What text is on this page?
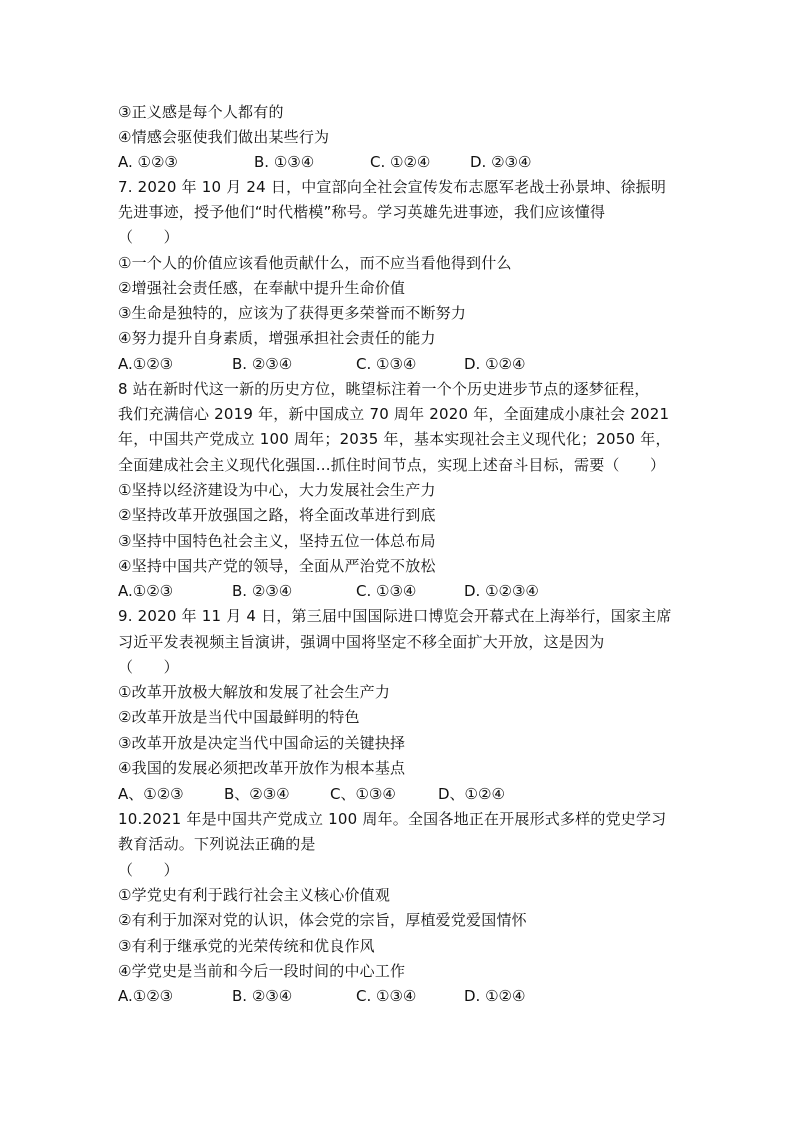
③正义感是每个人都有的
④情感会驱使我们做出某些行为
A. ①②③	B. ①③④	C. ①②④	D. ②③④
7. 2020 年 10 月 24 日，中宣部向全社会宣传发布志愿军老战士孙景坤、徐振明
先进事迹，授予他们“时代楷模”称号。学习英雄先进事迹，我们应该懂得
（　　）
①一个人的价值应该看他贡献什么，而不应当看他得到什么
②增强社会责任感，在奉献中提升生命价值
③生命是独特的，应该为了获得更多荣誉而不断努力
④努力提升自身素质，增强承担社会责任的能力
A.①②③	B. ②③④	C. ①③④	D. ①②④
8 站在新时代这一新的历史方位，眺望标注着一个个历史进步节点的逐梦征程，
我们充满信心 2019 年，新中国成立 70 周年 2020 年，全面建成小康社会 2021
年，中国共产党成立 100 周年；2035 年，基本实现社会主义现代化；2050 年，
全面建成社会主义现代化强国…抓住时间节点，实现上述奋斗目标，需要（　　）
①坚持以经济建设为中心，大力发展社会生产力
②坚持改革开放强国之路，将全面改革进行到底
③坚持中国特色社会主义，坚持五位一体总布局
④坚持中国共产党的领导，全面从严治党不放松
A.①②③	B. ②③④	C. ①③④	D. ①②③④
9. 2020 年 11 月 4 日，第三届中国国际进口博览会开幕式在上海举行，国家主席
习近平发表视频主旨演讲，强调中国将坚定不移全面扩大开放，这是因为
（　　）
①改革开放极大解放和发展了社会生产力
②改革开放是当代中国最鲜明的特色
③改革开放是决定当代中国命运的关键抉择
④我国的发展必须把改革开放作为根本基点
A、①②③	B、②③④	C、①③④	D、①②④
10.2021 年是中国共产党成立 100 周年。全国各地正在开展形式多样的党史学习
教育活动。下列说法正确的是
（　　）
①学党史有利于践行社会主义核心价值观
②有利于加深对党的认识，体会党的宗旨，厚植爱党爱国情怀
③有利于继承党的光荣传统和优良作风
④学党史是当前和今后一段时间的中心工作
A.①②③	B. ②③④	C. ①③④	D. ①②④
